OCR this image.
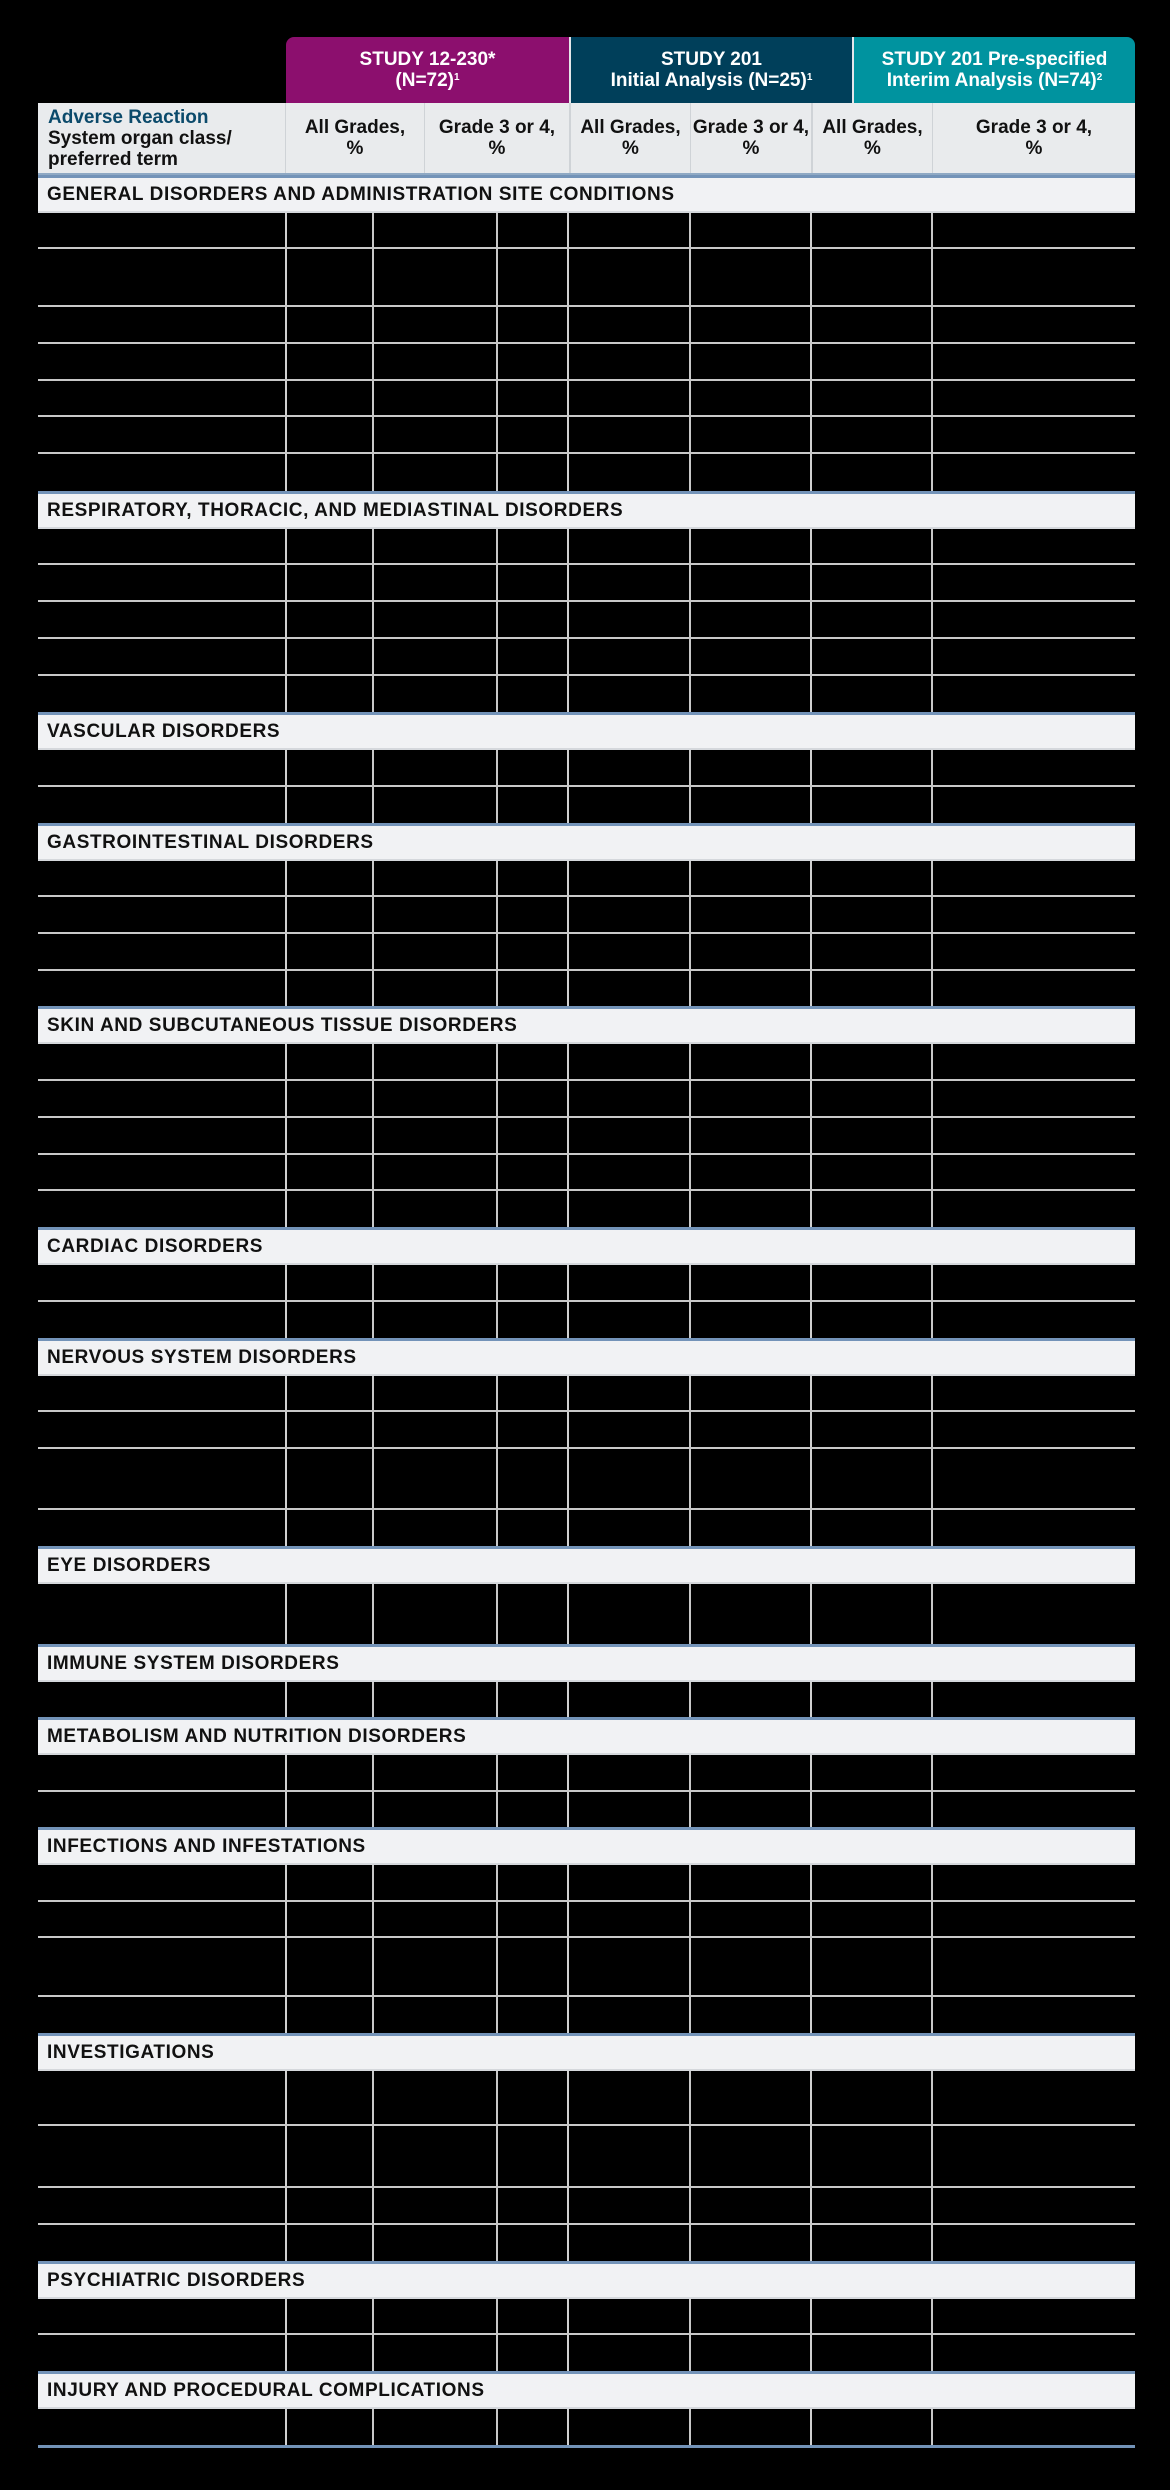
STUDY 12-230*
(N=72)$^1$
STUDY 201
Initial Analysis (N=25)$^1$
STUDY 201 Pre-specified
Interim Analysis (N=74)$^2$
Adverse Reaction
System organ class/
preferred term
All Grades,
%
Grade 3 or 4,
%
All Grades,
%
Grade 3 or 4,
%
All Grades,
%
Grade 3 or 4,
%
GENERAL DISORDERS AND ADMINISTRATION SITE CONDITIONS
RESPIRATORY, THORACIC, AND MEDIASTINAL DISORDERS
VASCULAR DISORDERS
GASTROINTESTINAL DISORDERS
SKIN AND SUBCUTANEOUS TISSUE DISORDERS
CARDIAC DISORDERS
NERVOUS SYSTEM DISORDERS
EYE DISORDERS
IMMUNE SYSTEM DISORDERS
METABOLISM AND NUTRITION DISORDERS
INFECTIONS AND INFESTATIONS
INVESTIGATIONS
PSYCHIATRIC DISORDERS
INJURY AND PROCEDURAL COMPLICATIONS
